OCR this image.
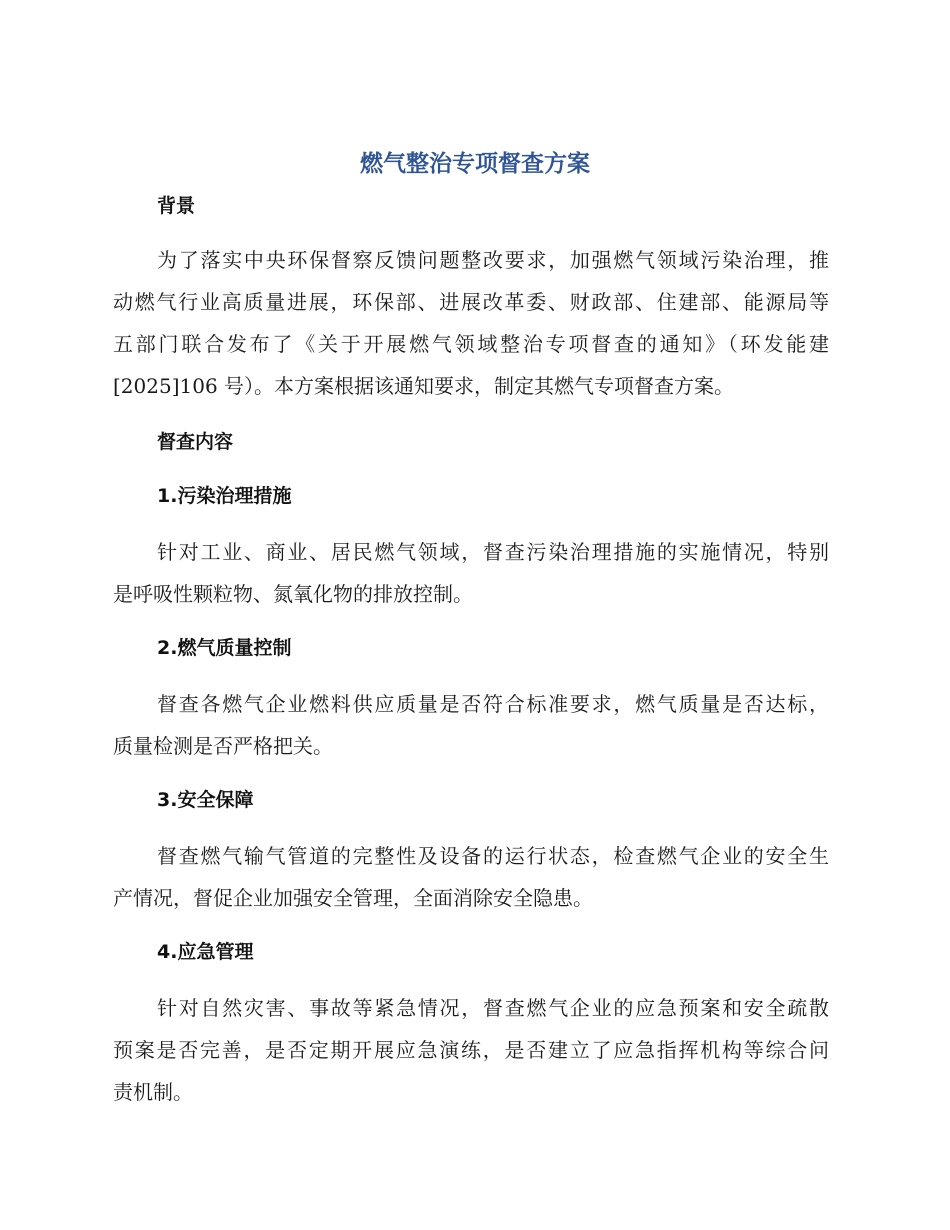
燃气整治专项督查方案
背景
为了落实中央环保督察反馈问题整改要求，加强燃气领域污染治理，推
动燃气行业高质量进展，环保部、进展改革委、财政部、住建部、能源局等
五部门联合发布了《关于开展燃气领域整治专项督查的通知》（环发能建
[2025]106 号）。本方案根据该通知要求，制定其燃气专项督查方案。
督查内容
1.污染治理措施
针对工业、商业、居民燃气领域，督查污染治理措施的实施情况，特别
是呼吸性颗粒物、氮氧化物的排放控制。
2.燃气质量控制
督查各燃气企业燃料供应质量是否符合标准要求，燃气质量是否达标，
质量检测是否严格把关。
3.安全保障
督查燃气输气管道的完整性及设备的运行状态，检查燃气企业的安全生
产情况，督促企业加强安全管理，全面消除安全隐患。
4.应急管理
针对自然灾害、事故等紧急情况，督查燃气企业的应急预案和安全疏散
预案是否完善，是否定期开展应急演练，是否建立了应急指挥机构等综合问
责机制。
